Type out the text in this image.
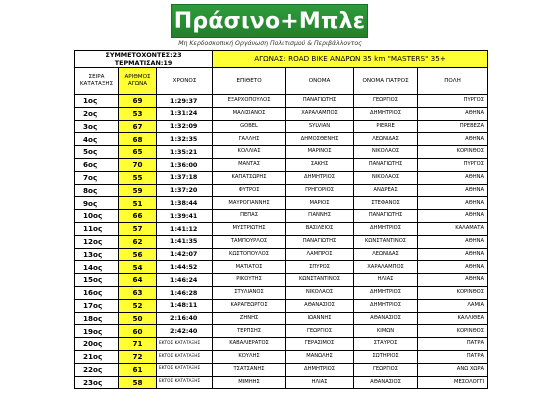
Πράσινο+Μπλε
Μη Κερδοσκοπική Οργάνωση Πολιτισμού & Περιβάλλοντος
ΣΥΜΜΕΤΟΧΟΝΤΕΣ:23
ΤΕΡΜΑΤΙΣΑΝ:19			ΑΓΩΝΑΣ: ROAD BIKE ΑΝΔΡΩΝ 35 km "MASTERS" 35+			
ΣΕΙΡΑ ΚΑΤΑΤΑΞΗΣ	ΑΡΙΘΜΟΣ ΑΓΩΝΑ	ΧΡΟΝΟΣ	ΕΠΙΘΕΤΟ	ΟΝΟΜΑ	ΟΝΟΜΑ ΠΑΤΡΟΣ	ΠΟΛΗ
1ος	69	1:29:37	ΕΞΑΡΧΟΠΟΥΛΟΣ	ΠΑΝΑΓΙΩΤΗΣ	ΓΕΩΡΓΙΟΣ	ΠΥΡΓΟΣ
2ος	53	1:31:24	ΜΑΛΙΣΙΑΝΟΣ	ΧΑΡΑΛΑΜΠΟΣ	ΔΗΜΗΤΡΙΟΣ	ΑΘΗΝΑ
3ος	67	1:32:09	GOBEL	SYLVIAN	PIERRE	ΠΡΕΒΕΖΑ
4ος	68	1:32:35	ΓΑΛΛΗΣ	ΔΗΜΟΣΘΕΝΗΣ	ΛΕΩΝΙΔΑΣ	ΑΘΗΝΑ
5ος	65	1:35:21	ΚΟΛΛΙΑΣ	ΜΑΡΙΝΟΣ	ΝΙΚΟΛΑΟΣ	ΚΟΡΙΝΘΟΣ
6ος	70	1:36:00	ΜΑΝΤΑΣ	ΣΑΚΗΣ	ΠΑΝΑΓΙΩΤΗΣ	ΠΥΡΓΟΣ
7ος	55	1:37:18	ΚΑΠΑΤΣΩΡΗΣ	ΔΗΜΗΤΡΙΟΣ	ΝΙΚΟΛΑΟΣ	ΑΘΗΝΑ
8ος	59	1:37:20	ΦΥΤΡΟΣ	ΓΡΗΓΟΡΙΟΣ	ΑΝΔΡΕΑΣ	ΑΘΗΝΑ
9ος	51	1:38:44	ΜΑΥΡΟΓΙΑΝΝΗΣ	ΜΑΡΙΟΣ	ΣΤΕΦΑΝΟΣ	ΑΘΗΝΑ
10ος	66	1:39:41	ΠΕΠΑΣ	ΓΙΑΝΝΗΣ	ΠΑΝΑΓΙΩΤΗΣ	ΑΘΗΝΑ
11ος	57	1:41:12	ΜΥΣΤΡΙΩΤΗΣ	ΒΑΣΙΛΕΙΟΣ	ΔΗΜΗΤΡΙΟΣ	ΚΑΛΑΜΑΤΑ
12ος	62	1:41:35	ΤΑΜΠΟΥΡΛΟΣ	ΠΑΝΑΓΙΩΤΗΣ	ΚΩΝΣΤΑΝΤΙΝΟΣ	ΑΘΗΝΑ
13ος	56	1:42:07	ΚΩΣΤΟΠΟΥΛΟΣ	ΛΑΜΠΡΟΣ	ΛΕΩΝΙΔΑΣ	ΑΘΗΝΑ
14ος	54	1:44:52	ΜΑΤΙΑΤΟΣ	ΣΠΥΡΟΣ	ΧΑΡΑΛΑΜΠΟΣ	ΑΘΗΝΑ
15ος	64	1:46:24	ΡΙΚΟΥΤΗΣ	ΚΩΝΣΤΑΝΤΙΝΟΣ	ΗΛΙΑΣ	ΑΘΗΝΑ
16ος	63	1:46:28	ΣΤΥΛΙΑΝΟΣ	ΝΙΚΟΛΑΟΣ	ΔΗΜΗΤΡΙΟΣ	ΚΟΡΙΝΘΟΣ
17ος	52	1:48:11	ΚΑΡΑΓΕΩΡΓΟΣ	ΑΘΑΝΑΣΙΟΣ	ΔΗΜΗΤΡΙΟΣ	ΛΑΜΙΑ
18ος	50	2:16:40	ΖΗΝΗΣ	ΙΩΑΝΝΗΣ	ΑΘΑΝΑΣΙΟΣ	ΚΑΛΛΙΘΕΑ
19ος	60	2:42:40	ΤΕΡΠΣΗΣ	ΓΕΩΡΓΙΟΣ	ΚΙΜΩΝ	ΚΟΡΙΝΘΟΣ
20ος	71	ΕΚΤΟΣ ΚΑΤΑΤΑΞΗΣ	ΚΑΒΑΛΙΕΡΑΤΟΣ	ΓΕΡΑΣΙΜΟΣ	ΣΤΑΥΡΟΣ	ΠΑΤΡΑ
21ος	72	ΕΚΤΟΣ ΚΑΤΑΤΑΞΗΣ	ΚΟΥΛΗΣ	ΜΑΝΩΛΗΣ	ΣΩΤΗΡΙΟΣ	ΠΑΤΡΑ
22ος	61	ΕΚΤΟΣ ΚΑΤΑΤΑΞΗΣ	ΤΣΑΤΣΑΝΗΣ	ΔΗΜΗΤΡΙΟΣ	ΓΕΩΡΓΙΟΣ	ΑΝΩ ΧΩΡΑ
23ος	58	ΕΚΤΟΣ ΚΑΤΑΤΑΞΗΣ	ΜΙΜΗΗΣ	ΗΛΙΑΣ	ΑΘΑΝΑΣΙΟΣ	ΜΕΣΟΛΟΓΓΙ
